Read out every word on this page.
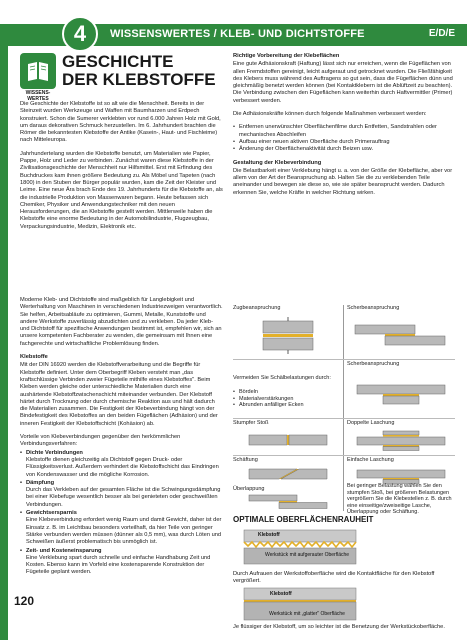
4	WISSENSWERTES / KLEB- UND DICHTSTOFFE	E/D/E
WISSENS-
WERTES
GESCHICHTE
DER KLEBSTOFFE

Die Geschichte der Klebstoffe ist so alt wie die Menschheit. Bereits in der Steinzeit wurden Werkzeuge und Waffen mit Baumharzen und Erdpech konstruiert. Schon die Sumerer verklebten vor rund 6.000 Jahren Holz mit Gold, um daraus dekorativen Schmuck herzustellen. Im 6. Jahrhundert brachten die Römer die bekanntesten Klebstoffe der Antike (Kasein-, Haut- und Fischleime) nach Mitteleuropa.

Jahrhundertelang wurden die Klebstoffe benutzt, um Materialien wie Papier, Pappe, Holz und Leder zu verbinden. Zunächst waren diese Klebstoffe in der Zivilisationsgeschichte der Menschheit nur Hilfsmittel. Erst mit Erfindung des Buchdruckes kam ihnen größere Bedeutung zu. Als Möbel und Tapeten (nach 1800) in den Stuben der Bürger populär wurden, kam die Zeit der Kleister und Leime. Eine neue Ära brach Ende des 19. Jahrhunderts für die Klebstoffe an, als die industrielle Produktion von Massenwaren begann. Heute befassen sich Chemiker, Physiker und Anwendungstechniker mit den neuen Herausforderungen, die an Klebstoffe gestellt werden. Mittlerweile haben die Klebstoffe eine enorme Bedeutung in der Automobilindustrie, Flugzeugbau, Verpackungsindustrie, Medizin, Elektronik etc.

Moderne Kleb- und Dichtstoffe sind maßgeblich für Langlebigkeit und Werterhaltung von Maschinen in verschiedenen Industriezweigen verantwortlich. Sie helfen, Arbeitsabläufe zu optimieren, Gummi, Metalle, Kunststoffe und andere Werkstoffe zuverlässig abzudichten und zu verkleben. Da jeder Kleb- und Dichtstoff für spezifische Anwendungen bestimmt ist, empfehlen wir, sich an unsere kompetenten Fachberater zu wenden, die gemeinsam mit Ihnen eine fachgerechte und wirtschaftliche Problemlösung finden.

Klebstoffe

Mit der DIN 16920 werden die Klebstoffverarbeitung und die Begriffe für Klebstoffe definiert. Unter dem Oberbegriff Kleben versteht man „das kraftschlüssige Verbinden zweier Fügeteile mithilfe eines Klebstoffes". Beim Kleben werden gleiche oder unterschiedliche Materialien durch eine aushärtende Klebstoffzwischenschicht miteinander verbunden. Der Klebstoff härtet durch Trocknung oder durch chemische Reaktion aus und hält dadurch die Materialien zusammen. Die Festigkeit der Klebeverbindung hängt von der Bindefestigkeit des Klebstoffes an den beiden Fügeflächen (Adhäsion) und der inneren Festigkeit der Klebstoffschicht (Kohäsion) ab.

Vorteile von Klebeverbindungen gegenüber den herkömmlichen Verbindungsverfahren:

• Dichte Verbindungen
Klebstoffe dienen gleichzeitig als Dichtstoff gegen Druck- oder Flüssigkeitsverlust. Außerdem verhindert die Klebstoffschicht das Eindringen von Kondenswasser und die mögliche Korrosion.
• Dämpfung
Durch das Verkleben auf der gesamten Fläche ist die Schwingungsdämpfung bei einer Klebefuge wesentlich besser als bei genieteten oder geschweißten Verbindungen.
• Gewichtsersparnis
Eine Klebeverbindung erfordert wenig Raum und damit Gewicht, daher ist der Einsatz z. B. im Leichtbau besonders vorteilhaft, da hier Teile von geringer Stärke verbunden werden müssen (dünner als 0,5 mm), was durch Löten und Schweißen äußerst problematisch bis unmöglich ist.
• Zeit- und Kosteneinsparung
Eine Verklebung spart durch schnelle und einfache Handhabung Zeit und Kosten. Ebenso kann im Vorfeld eine kostensparende Konstruktion der Fügeteile geplant werden.
Richtige Vorbereitung der Klebeflächen

Eine gute Adhäsionskraft (Haftung) lässt sich nur erreichen, wenn die Fügeflächen von allen Fremdstoffen gereinigt, leicht aufgeraut und getrocknet wurden. Die Fließfähigkeit des Klebers muss während des Auftragens so gut sein, dass die Fügeflächen dünn und gleichmäßig benetzt werden können (bei Kontaktklebern ist die Ablüftzeit zu beachten). Die Verbindung zwischen den Fügeflächen kann weiterhin durch Haftvermittler (Primer) verbessert werden.

Die Adhäsionskräfte können durch folgende Maßnahmen verbessert werden:

• Entfernen unerwünschter Oberflächenfilme durch Entfetten, Sandstrahlen oder mechanisches Abschleifen
• Aufbau einer neuen aktiven Oberfläche durch Primerauftrag
• Änderung der Oberflächenaktivität durch Beizen usw.
Gestaltung der Klebeverbindung

Die Belastbarkeit einer Verklebung hängt u. a. von der Größe der Klebefläche, aber vor allem von der Art der Beanspruchung ab. Halten Sie die zu verklebenden Teile aneinander und bewegen sie diese so, wie sie später beansprucht werden. Dadurch erkennen Sie, welche Kräfte in welcher Richtung wirken.

Zugbeanspruchung	Scherbeanspruchung
Vermeiden Sie Schälbelastungen durch:
• Bördeln
• Materialverstärkungen
• Abrunden anfälliger Ecken
Scherbeanspruchung
Stumpfer Stoß	Doppelte Laschung
Schäftung	Einfache Laschung
Überlappung	Bei geringer Belastung wählen Sie den stumpfen Stoß, bei größeren Belastungen vergrößern Sie die Klebestellen z. B. durch eine einseitige/zweiseitige Lasche, Überlappung oder Schäftung.
OPTIMALE OBERFLÄCHENRAUHEIT
Klebstoff
Werkstück mit aufgerauter Oberfläche
Durch Aufrauen der Werkstoffoberfläche wird die Kontaktfläche für den Klebstoff vergrößert.
Klebstoff
Werkstück mit „glatter" Oberfläche
Je flüssiger der Klebstoff, um so leichter ist die Benetzung der Werkstückoberfläche.
120
